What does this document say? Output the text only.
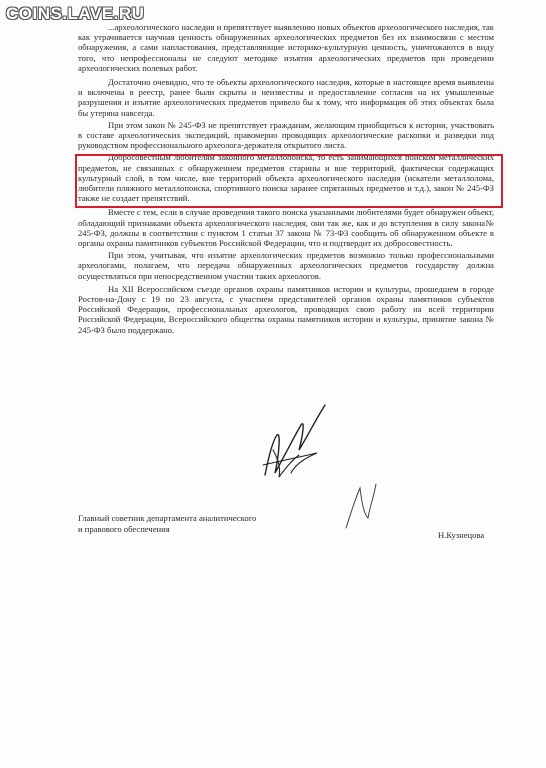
COINS.LAVE.RU

...археологического наследия и препятствует выявлению новых объектов археологического наследия, так как утрачивается научная ценность обнаруженных археологических предметов без их взаимосвязи с местом обнаружения, а сами напластования, представляющие историко-культурную ценность, уничтожаются в виду того, что непрофессионалы не следуют методике изъятия археологических предметов при проведении археологических полевых работ.

Достаточно очевидно, что те объекты археологического наследия, которые в настоящее время выявлены и включены в реестр, ранее были скрыты и неизвестны и предоставление согласия на их умышленные разрушения и изъятие археологических предметов привело бы к тому, что информация об этих объектах была бы утеряна навсегда.

При этом закон № 245-ФЗ не препятствует гражданам, желающим приобщиться к истории, участвовать в составе археологических экспедиций, правомерно проводящих археологические раскопки и разведки под руководством профессионального археолога-держателя открытого листа.

Добросовестным любителям законного металлопоиска, то есть занимающихся поиском металлических предметов, не связанных с обнаружением предметов старины и вне территорий, фактически содержащих культурный слой, в том числе, вне территорий объекта археологического наследия (искатели металлолома, любители пляжного металлопоиска, спортивного поиска заранее спрятанных предметов и т.д.), закон № 245-ФЗ также не создает препятствий.

Вместе с тем, если в случае проведения такого поиска указанными любителями будет обнаружен объект, обладающий признаками объекта археологического наследия, они так же, как и до вступления в силу закона№ 245-ФЗ, должны в соответствии с пунктом 1 статьи 37 закона № 73-ФЗ сообщить об обнаруженном объекте в органы охраны памятников субъектов Российской Федерации, что и подтвердит их добросовестность.

При этом, учитывая, что изъятие археологических предметов возможно только профессиональными археологами, полагаем, что передача обнаруженных археологических предметов государству должна осуществляться при непосредственном участии таких археологов.

На XII Всероссийском съезде органов охраны памятников истории и культуры, прошедшем в городе Ростов-на-Дону с 19 по 23 августа, с участием представителей органов охраны памятников субъектов Российской Федерации, профессиональных археологов, проводящих свою работу на всей территории Российской Федерации, Всероссийского общества охраны памятников истории и культуры, принятие закона № 245-ФЗ было поддержано.

Главный советник департамента аналитического
и правового обеспечения
Н.Кузнецова
